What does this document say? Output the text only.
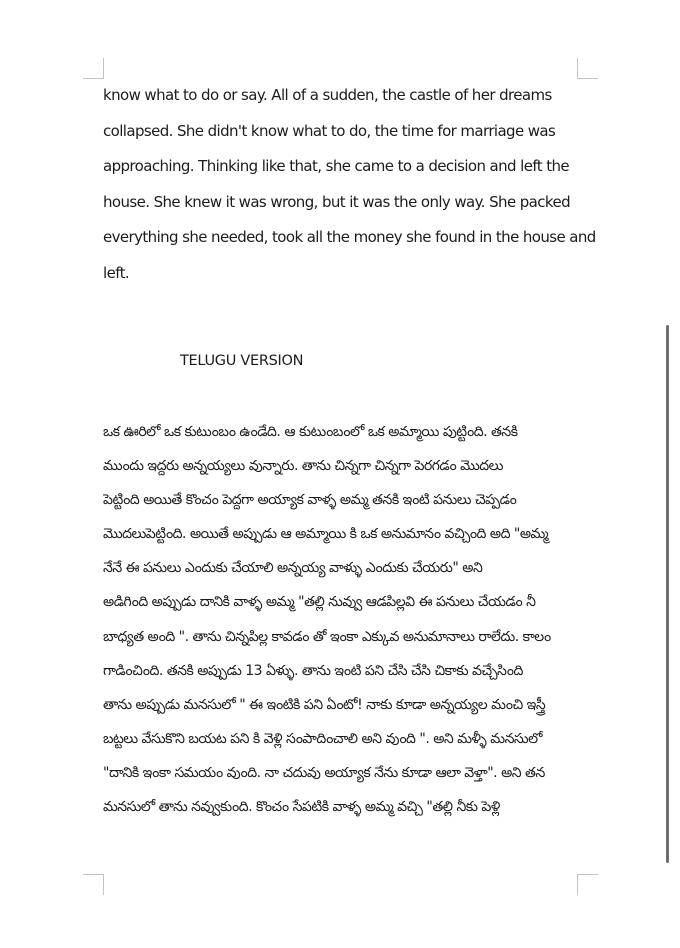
know what to do or say. All of a sudden, the castle of her dreams
collapsed. She didn't know what to do, the time for marriage was
approaching. Thinking like that, she came to a decision and left the
house. She knew it was wrong, but it was the only way. She packed
everything she needed, took all the money she found in the house and
left.
TELUGU VERSION
ఒక ఊరిలో ఒక కుటుంబం ఉండేది. ఆ కుటుంబంలో ఒక అమ్మాయి పుట్టింది. తనకి
ముందు ఇద్దరు అన్నయ్యలు వున్నారు. తాను చిన్నగా చిన్నగా పెరగడం మొదలు
పెట్టింది అయితే కొంచం పెద్దగా అయ్యాక వాళ్ళ అమ్మ తనకి ఇంటి పనులు చెప్పడం
మొదలుపెట్టింది. అయితే అప్పుడు ఆ అమ్మాయి కి ఒక అనుమానం వచ్చింది అది "అమ్మ
నేనే ఈ పనులు ఎందుకు చేయాలి అన్నయ్య వాళ్ళు ఎందుకు చేయరు" అని
అడిగింది అప్పుడు దానికి వాళ్ళ అమ్మ "తల్లి నువ్వు ఆడపిల్లవి ఈ పనులు చేయడం నీ
బాధ్యత అంది ". తాను చిన్నపిల్ల కావడం తో ఇంకా ఎక్కువ అనుమానాలు రాలేదు. కాలం
గాడించింది. తనకి అప్పుడు 13 ఏళ్ళు. తాను ఇంటి పని చేసి చేసి చికాకు వచ్చేసింది
తాను అప్పుడు మనసులో " ఈ ఇంటికి పని ఏంటో! నాకు కూడా అన్నయ్యల మంచి ఇస్త్రీ
బట్టలు వేసుకొని బయట పని కి వెళ్లి సంపాదించాలి అని వుంది ". అని మళ్ళీ మనసులో
"దానికి ఇంకా సమయం వుంది. నా చదువు అయ్యాక నేను కూడా ఆలా వెళ్తా". అని తన
మనసులో తాను నవ్వుకుంది. కొంచం సేపటికి వాళ్ళ అమ్మ వచ్చి "తల్లి నీకు పెళ్లి
